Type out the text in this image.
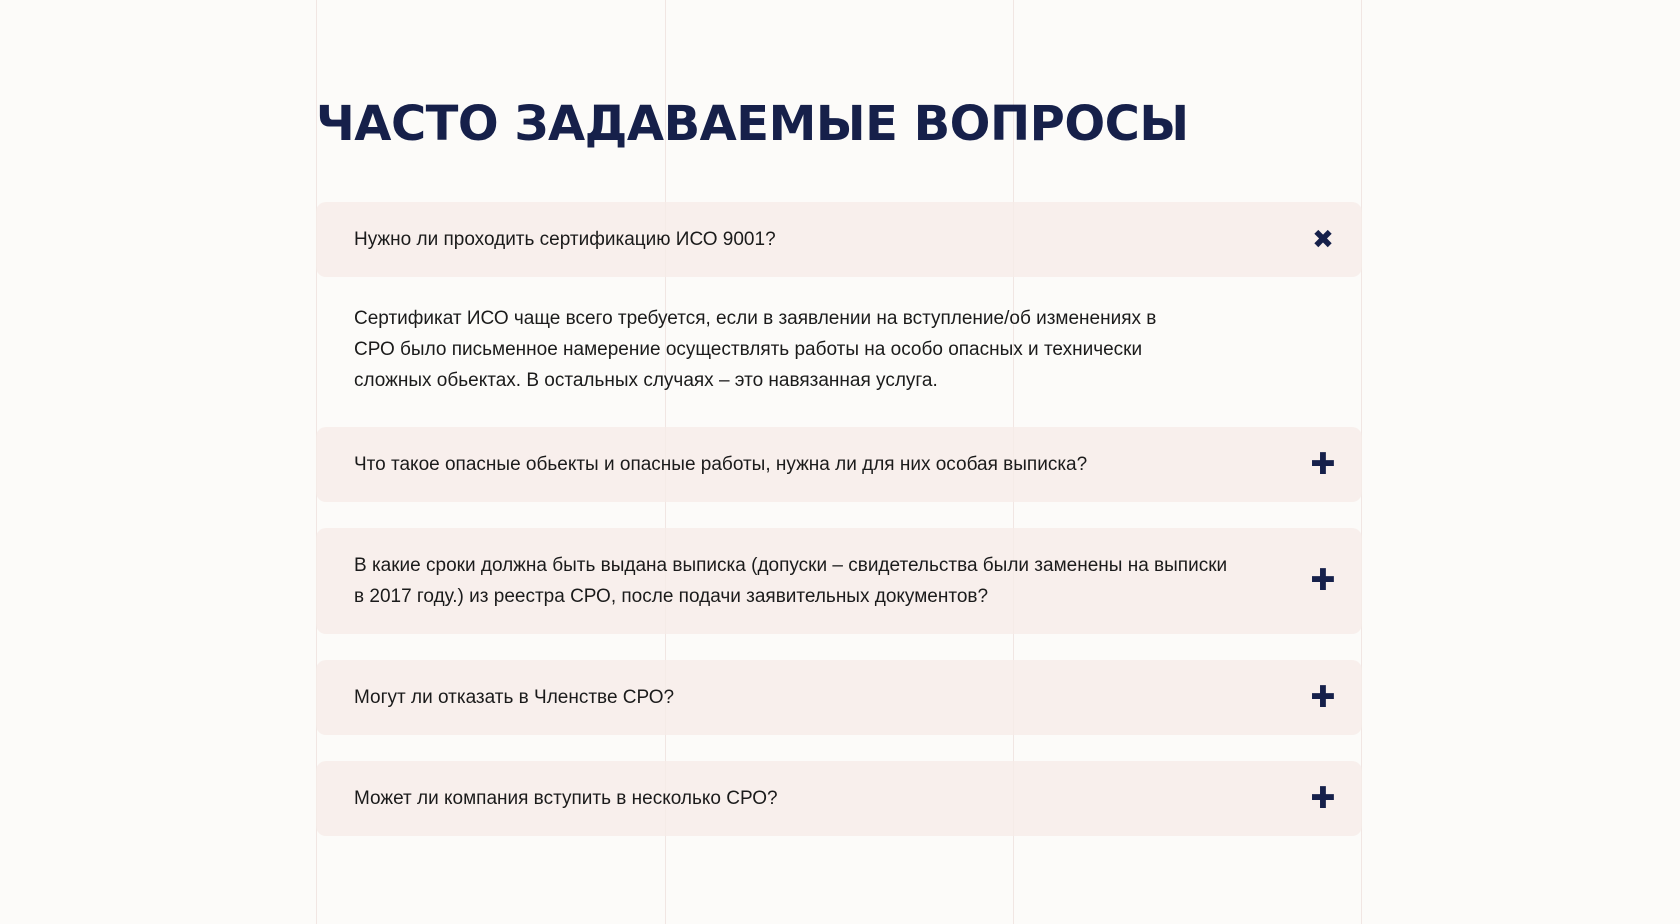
ЧАСТО ЗАДАВАЕМЫЕ ВОПРОСЫ
Нужно ли проходить сертификацию ИСО 9001?	✖
Сертификат ИСО чаще всего требуется, если в заявлении на вступление/об изменениях в СРО было письменное намерение осуществлять работы на особо опасных и технически сложных обьектах. В остальных случаях – это навязанная услуга.
Что такое опасные обьекты и опасные работы, нужна ли для них особая выписка?	✚
В какие сроки должна быть выдана выписка (допуски – свидетельства были заменены на выписки в 2017 году.) из реестра СРО, после подачи заявительных документов?	✚
Могут ли отказать в Членстве СРО?	✚
Может ли компания вступить в несколько СРО?	✚
